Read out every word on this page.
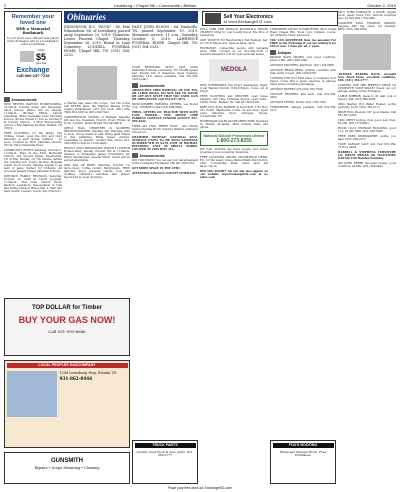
2	Lewisburg • Chapel Hill • Cornersville • Belfast	October 2, 2019
Remember your loved one
With a Memorial Bookmark
If your loved one's obituary was placed in the Exchange, add on a bookmark to order a bookmark.
Only
$5
plus tax
Exchange
Call 800-247-7218
Obituaries
EDMONSON, R.C. "BUCK" - 86, Fate Edmondson, 86, of Lewisburg, passed away September 20, 2019. Visitation: Lowes Funeral Chapel, Thursday, September 26, 2019. Burial in Lone Cemetery. LUNDELL FUNERAL HOME, Chapel Hill, TN. (931) 364-2233.
FANT, JOHN ELDON - 84, Nashville, TN, passed September 19, 2019. Memorial service, 11 a.m., Saturday, October 5, 2019. LAWRENCE FUNERAL HOME, Chapel Hill, TN. (931) 364-2233.
Sell Your Electronics
at www.Exchange931.com
Announcements

NEW BETHEL BAPTIST HOMECOMING, 10:30a.m. Country music and fellowship, lunch follows. Pastor will be singing, 11:00a.m.. Brother Phillip Carroll preaching. Bring homeship meal following service. All are invited to join us October 6 at Country Church. - 2 Hour Homecoming service, 1832 Highway 64 West, Belfast, TN 37019.

FREE CLOTHING for the family. The Clothes Closet, open the first and third Saturday of each month, 9:00a.m. - 12 noon. Located at First Christian Church, 201 W. Old Cornersville Road.

COMMUNITY EVENT, Saturday, October 5, 11:30a.m. Held at the First Methodist Church, 205 Second Street, Fayetteville, TN 37334. Sunday, on 7th Avenue behind the Colonial Inn. Topics include: Hospital scams. Food, booths. Singing, hoping to be held of Jesus. Perfect for Children. All proceeds benefit Gospel Christian Schools.

JOHNSON FAMILY REUNION, Saturday, October 12, 2019 at Lunch program, 11:00a.m., Flat Cane Church Picnic Pavilion. Lewisburg. Descendants of John and Velma Johnson. Bring dish, a chair and lawn chairs. Contact: Lunch, 931-359-5211.

A Marine may leave the Corps... not the Corps will NEVER leave the Marine! Marine Corps League Detachment 1311. Jim Cook. (931) 639-7984. Bob Morton (931) 842-7421.

CORNERSVILLE CIVITAN of Farmers. Meeting 4th and the Nazarene Church. Every Friday at Noon. Contact: Jackie Bryant 931-293-9818.

GREAT HALL CEMETERY & SLOWERS REUNION/DINNER: Meeting 2nd Thursday, 9:00 to noon. Group meets in tent. Bring plain dinner to this gathering. Bring bread, chicken, vegetables or dessert. Contact Sim, phone 931-359-2266 to host by 12:00 sharp.

MOUNT ZION MISSIONARY BAPTIST CHURCH Homecoming, Sunday October 6th at 11:00a.m. Speaker is Evangelist James Crutchfield. Dr. Bobby Pendergrass. Special Music. Lunch will be served afterwards.

ONE DAY OF HOPE, Saturday, October 12, 9a.m.-2p.m., Coffee County Fairgrounds. FREE haircuts, blood pressure checks, food and clothing, children's activities and prayer. Sponsored by local churches.

YOUR EXTENDED ATTIC: 1905 North Washington Street, Lewisburg, TN. 35,000 square feet. Booths full of treasures. Open Tuesday-Saturday 10-5. Space available. Call 931-359-1925 today!

Announcements

ABSOLUTELY FREE REMOVAL OF USE TVS, OR LARGE BIGGS. DO NOT SEE TO WASTE OR GET OUT STUFF THAT YOU USED, GUN OR APPLIANCES. Call 931-637-3975.

MONTGOMERY FARMING OFFERS, use flower crop, CHARGE Contact 931-698-9899.

TIRES, OFFERS ON TRACTOR WITH SOFT, EASY. MOWER... FOR ADDED CHIP PARKING CONTACT VENDOR AGENCY: 931-999-4422.

TIRES and THAT THREE FOOT - also Family Sewing Sewing Booth, Vendors Wanted. Grammar School Lot.

GRAMMER STORAGE. NATIONAL SELF-STORAGE UNITS TO BE SOLD SATURDAY, OCTOBER 5TH AT 9A.M. UNIT 32 MICHAEL PETERSON, UNIT 50 SHELLY MARKS. LOCATED AT 2929 HWY 31A.

Announcements

DID YOU KNOW? You can get your advertisement in the Lewisburg Exchange! Call 931-359-7218.

GET MORE SPACE IN THE ATTIC

ATTENTION LINCOLN COUNTY VETERANS

PULL TABS FOR RONALD McDONALD HOUSE CHARITY, bring to: your locally run at Tire Pros of Lewisburg.

OUR TICKETS TO Fayetteville's Fall Festival. Sat. Oct 26 in Mayes Ave. Open at 9a.m.-4p.m.

EXCHANGE, connecting people with bargains since 1968. Contact us at: 931-359-7218 or www.Exchange931.com for your personal needs.

MEDOLA

NEW INTERNSHIP, Fun Every Wednesday Night. Local Baptist Church. 6:30-8:30p.m. Come out & Enjoy!

FREE CLOTHING and GROCERY, open house ministry. Old Time Christian Stores, open 9AM - 12PM. Clinic, Belfast, TN. Call 931-359-2202.

PARK CITY FLEA MARKET & AUCTION, 1751 Hwy 231 North, Shelbyville. Come out and shop. Open every Saturday, 8p.m. Antiques, Ozone, Cornersville, TN.

HOMEMADE SALES GUIDE DIRECTORY: Featured by Weekly shopping. Must include name and phone.

National Suicide Prevention Lifeline
1-800-273-8255

WE CAN ALWAYS use more people. Our Dollar program is now accepting donations.

FREE CLOTHING, SHOES, HOUSEHOLD ITEMS, Etc. for the needy. Grace United Methodist Church, 1801 Cornersville Road. Open each Sat 9a.m.-12p.m.

DID YOU KNOW? All our ads also appear on our website www.Exchange931.com at no extra cost!

LEWISBURG MUSIC & EMPORIUM, Buck Creek Road, Chapel Hill. Tools, toys, trinkets, rooms, old furniture, rustic and more.

YOU CAN ADVERTISE item (no amount) For FREE in the Exchange if you are selling it for $50 or less. 1 item per ad, 1 week.

Antiques

PADDLE BACK CHAIRS, very good condition, $100 or Bst. (931) 698-1040.

ANTIQUE FAINTERS, $40 Each. (931) 228-6868.

ANTIQUE BRASS BEDS, pristine condition with rails, $250 or best. (931) 628-0700.

LOOKING FOR Your First Piece to Complete Your Space. Come find a great selection of antique items at the Lewisburg Exchange.

ANTIQUE BUFFET, $75 (931) 801-7098.

VINTAGE HEATERS, $20 each. Call 931-359-2060.

ANTIQUE TRUNK, Works. (931) 703-7200.

TYPEWRITER, antique portable. Call 931-359-2117.

(931) FORD FAIRLANE, 4 DOOR, engine good, needs some TLC. Serious inquiries only. $1,500 (931) 700-2460.

CAVALIER KING CHARLES SPANIEL puppies, AKC reg. shots, vet checked, $800. (931) 409-2500.

ANTIQUE BAKERS RACK, wrought iron, black brass, excellent condition, $90. (931) 359-2777.

LOOKING FOR THE PERFECT PIECE TO COMPLETE YOUR SPACE? Check out our antique listings in the Exchange.

LARGE MIRROR, made to fit wall, lots of history. $40. (931) 698-2008.

2009 Maytag Hot Water Heater, works perfectly, $150. (931) 359-2117.

BUSH HOG Mowers, 60" good blades. Call 931-637-2295.

1984 CHEVY pickup, runs good, new tires, $2,500. (931) 278-9601.

HOOK 12x12 STORAGE BUILDING, good roof, $1,200 OBO. (931) 685-6600.

FREE USED DISHWASHER, works, you haul. (931) 808-2727.

YOUR GARAGE SALE AD: Call 931-359-7218 or email.

HARRELL & STEPHENS FURNITURE CO. GREAT PRICES ON INVENTORY. 8:00 till 5:00 Monday-Saturday.

4x6 JOHN DEERE flex-wing mower, good condition, $4,800. (931) 359-4441.

TOP DOLLAR for Timber
BUY YOUR GAS NOW!
Call 931-993-6686
LOCAL PEOPLES GASCOMPANY
1208 Lewisburg Hwy, Pulaski TN
931-862-8446
GUNSMITH
Repairs • Scope Mounting • Cleaning
TRUCK PARTS
Quality used truck & auto parts. 931-359-2777
FOX'S ROOFING
Metal and Shingle Roofs. Free Estimates!
Place your free word ad: Exchange931.com
